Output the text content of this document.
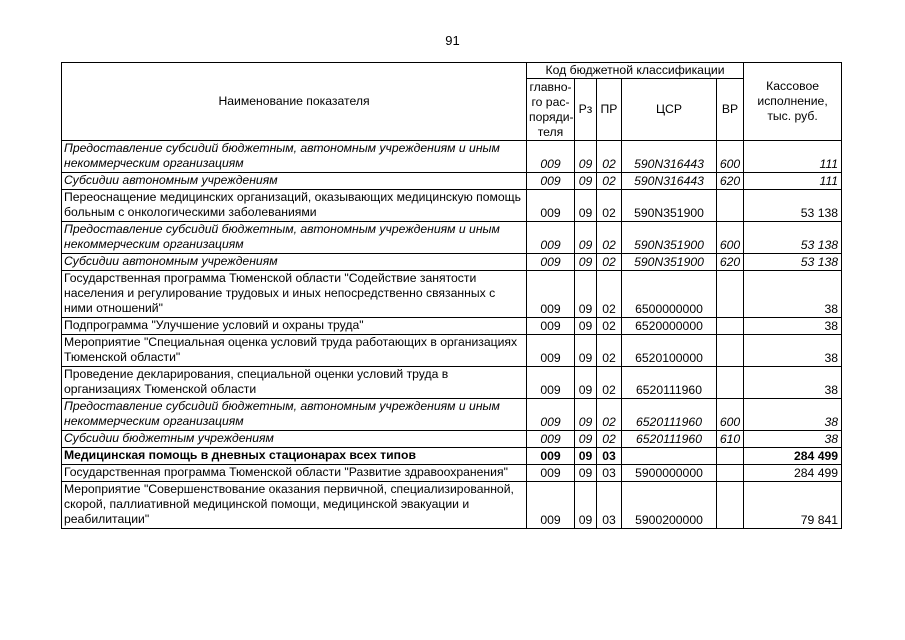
91
Наименование показателя	Код бюджетной классификации					Кассовое исполнение, тыс. руб.
	главно-го рас-поряди-теля	Рз	ПР	ЦСР	ВР	
Предоставление субсидий бюджетным, автономным учреждениям и иным некоммерческим организациям	009	09	02	590N316443	600	111
Субсидии автономным учреждениям	009	09	02	590N316443	620	111
Переоснащение медицинских организаций, оказывающих медицинскую помощь больным с онкологическими заболеваниями	009	09	02	590N351900		53 138
Предоставление субсидий бюджетным, автономным учреждениям и иным некоммерческим организациям	009	09	02	590N351900	600	53 138
Субсидии автономным учреждениям	009	09	02	590N351900	620	53 138
Государственная программа Тюменской области "Содействие занятости населения и регулирование трудовых и иных непосредственно связанных с ними отношений"	009	09	02	6500000000		38
Подпрограмма "Улучшение условий и охраны труда"	009	09	02	6520000000		38
Мероприятие "Специальная оценка условий труда работающих в организациях Тюменской области"	009	09	02	6520100000		38
Проведение декларирования, специальной оценки условий труда в организациях Тюменской области	009	09	02	6520111960		38
Предоставление субсидий бюджетным, автономным учреждениям и иным некоммерческим организациям	009	09	02	6520111960	600	38
Субсидии бюджетным учреждениям	009	09	02	6520111960	610	38
Медицинская помощь в дневных стационарах всех типов	009	09	03			284 499
Государственная программа Тюменской области "Развитие здравоохранения"	009	09	03	5900000000		284 499
Мероприятие "Совершенствование оказания первичной, специализированной, скорой, паллиативной медицинской помощи, медицинской эвакуации и реабилитации"	009	09	03	5900200000		79 841
